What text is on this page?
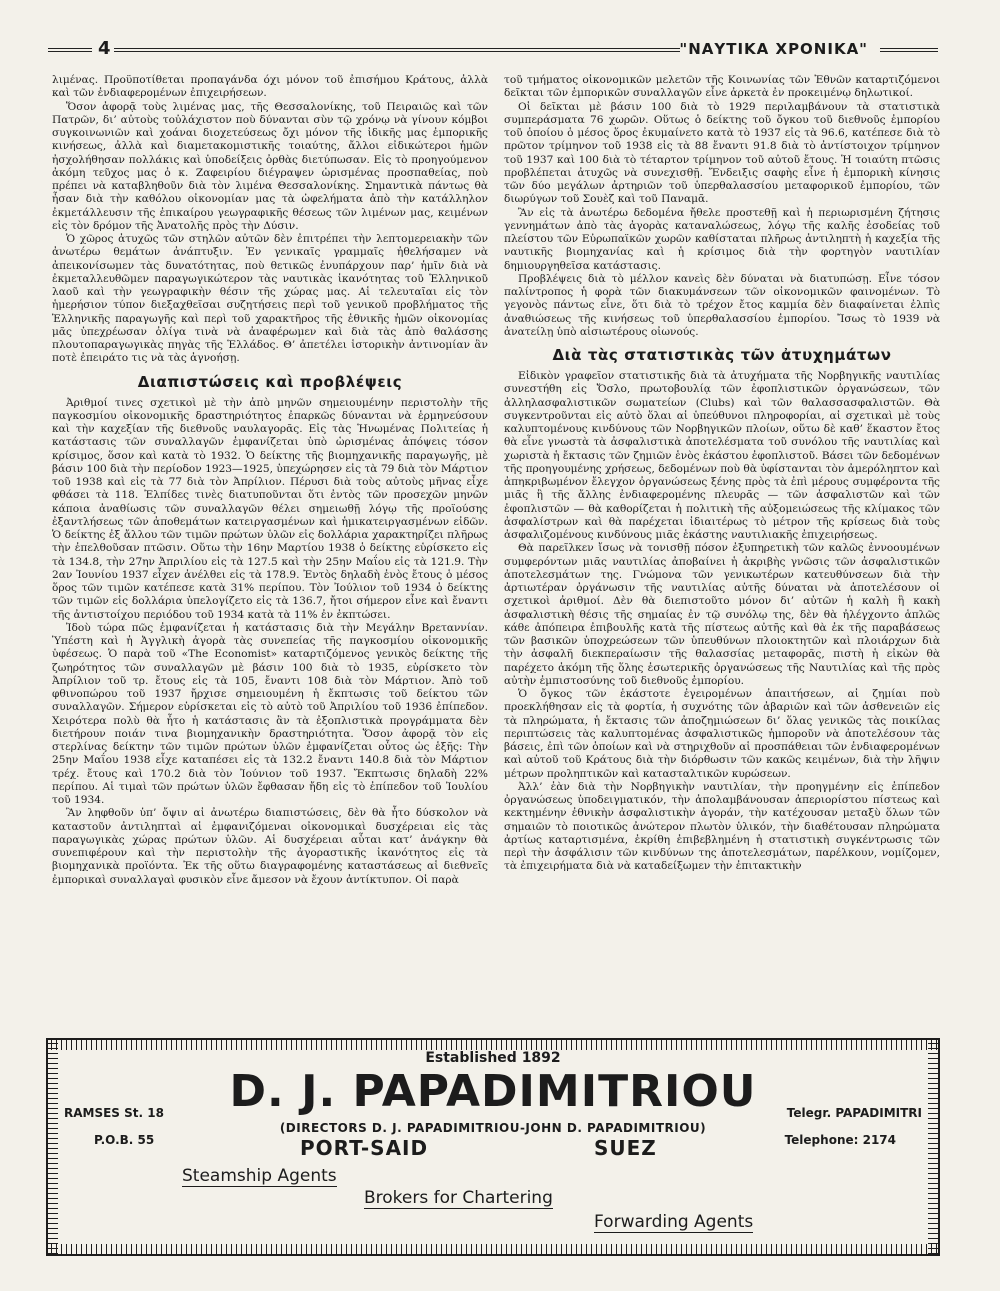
4	"ΝΑΥΤΙΚΑ ΧΡΟΝΙΚΑ"

λιμένας. Προϋποτίθεται προπαγάνδα όχι μόνον τοῦ ἐπισήμου Κράτους, ἀλλὰ καὶ τῶν ἐνδιαφερομένων ἐπιχειρήσεων.

Ὅσον ἀφορᾷ τοὺς λιμένας μας, τῆς Θεσσαλονίκης, τοῦ Πειραιῶς καὶ τῶν Πατρῶν, δι’ αὐτοὺς τοὐλάχιστον ποὺ δύνανται σὺν τῷ χρόνῳ νὰ γίνουν κόμβοι συγκοινωνιῶν καὶ χοάναι διοχετεύσεως ὄχι μόνον τῆς ἰδικῆς μας ἐμπορικῆς κινήσεως, ἀλλὰ καὶ διαμετακομιστικῆς τοιαύτης, ἄλλοι εἰδικώτεροι ἡμῶν ἠσχολήθησαν πολλάκις καὶ ὑποδείξεις ὀρθὰς διετύπωσαν. Εἰς τὸ προηγούμενον ἀκόμη τεῦχος μας ὁ κ. Ζαφειρίου διέγραψεν ὡρισμένας προσπαθείας, ποὺ πρέπει νὰ καταβληθοῦν διὰ τὸν λιμένα Θεσσαλονίκης. Σημαντικὰ πάντως θὰ ἦσαν διὰ τὴν καθόλου οἰκονομίαν μας τὰ ὠφελήματα ἀπὸ τὴν κατάλληλον ἐκμετάλλευσιν τῆς ἐπικαίρου γεωγραφικῆς θέσεως τῶν λιμένων μας, κειμένων εἰς τὸν δρόμον τῆς Ἀνατολῆς πρὸς τὴν Δύσιν.

Ὁ χῶρος ἀτυχῶς τῶν στηλῶν αὐτῶν δὲν ἐπιτρέπει τὴν λεπτομερειακὴν τῶν ἀνωτέρω θεμάτων ἀνάπτυξιν. Ἐν γενικαῖς γραμμαῖς ἠθελήσαμεν νὰ ἀπεικονίσωμεν τὰς δυνατότητας, ποὺ θετικῶς ἐνυπάρχουν παρ’ ἡμῖν διὰ νὰ ἐκμεταλλευθῶμεν παραγωγικώτερον τὰς ναυτικὰς ἱκανότητας τοῦ Ἑλληνικοῦ λαοῦ καὶ τὴν γεωγραφικὴν θέσιν τῆς χώρας μας. Αἱ τελευταῖαι εἰς τὸν ἡμερήσιον τύπον διεξαχθεῖσαι συζητήσεις περὶ τοῦ γενικοῦ προβλήματος τῆς Ἑλληνικῆς παραγωγῆς καὶ περὶ τοῦ χαρακτῆρος τῆς ἐθνικῆς ἡμῶν οἰκονομίας μᾶς ὑπεχρέωσαν ὀλίγα τινὰ νὰ ἀναφέρωμεν καὶ διὰ τὰς ἀπὸ θαλάσσης πλουτοπαραγωγικὰς πηγὰς τῆς Ἑλλάδος. Θ’ ἀπετέλει ἱστορικὴν ἀντινομίαν ἂν ποτὲ ἐπειράτο τις νὰ τὰς ἀγνοήσῃ.

Διαπιστώσεις καὶ προβλέψεις

Ἀριθμοί τινες σχετικοὶ μὲ τὴν ἀπὸ μηνῶν σημειουμένην περιστολὴν τῆς παγκοσμίου οἰκονομικῆς δραστηριότητος ἐπαρκῶς δύνανται νὰ ἑρμηνεύσουν καὶ τὴν καχεξίαν τῆς διεθνοῦς ναυλαγορᾶς. Εἰς τὰς Ἡνωμένας Πολιτείας ἡ κατάστασις τῶν συναλλαγῶν ἐμφανίζεται ὑπὸ ὡρισμένας ἀπόψεις τόσον κρίσιμος, ὅσον καὶ κατὰ τὸ 1932. Ὁ δείκτης τῆς βιομηχανικῆς παραγωγῆς, μὲ βάσιν 100 διὰ τὴν περίοδον 1923—1925, ὑπεχώρησεν εἰς τὰ 79 διὰ τὸν Μάρτιον τοῦ 1938 καὶ εἰς τὰ 77 διὰ τὸν Ἀπρίλιον. Πέρυσι διὰ τοὺς αὐτοὺς μῆνας εἶχε φθάσει τὰ 118. Ἐλπίδες τινὲς διατυποῦνται ὅτι ἐντὸς τῶν προσεχῶν μηνῶν κάποια ἀναθίωσις τῶν συναλλαγῶν θέλει σημειωθῇ λόγῳ τῆς προϊούσης ἐξαντλήσεως τῶν ἀποθεμάτων κατειργασμένων καὶ ἡμικατειργασμένων εἰδῶν. Ὁ δείκτης ἐξ ἄλλου τῶν τιμῶν πρώτων ὑλῶν εἰς δολλάρια χαρακτηρίζει πλῆρως τὴν ἐπελθοῦσαν πτῶσιν. Οὕτω τὴν 16ην Μαρτίου 1938 ὁ δείκτης εὑρίσκετο εἰς τὰ 134.8, τὴν 27ην Ἀπριλίου εἰς τὰ 127.5 καὶ τὴν 25ην Μαΐου εἰς τὰ 121.9. Τὴν 2αν Ἰουνίου 1937 εἶχεν ἀνέλθει εἰς τὰ 178.9. Ἐντὸς δηλαδὴ ἑνὸς ἔτους ὁ μέσος ὅρος τῶν τιμῶν κατέπεσε κατὰ 31% περίπου. Τὸν Ἰούλιον τοῦ 1934 ὁ δείκτης τῶν τιμῶν εἰς δολλάρια ὑπελογίζετο εἰς τὰ 136.7, ἤτοι σήμερον εἶνε καὶ ἔναντι τῆς ἀντιστοίχου περιόδου τοῦ 1934 κατὰ τὰ 11% ἐν ἐκπτώσει.

Ἰδοὺ τώρα πῶς ἐμφανίζεται ἡ κατάστασις διὰ τὴν Μεγάλην Βρεταννίαν. Ὑπέστη καὶ ἡ Ἀγγλικὴ ἀγορὰ τὰς συνεπείας τῆς παγκοσμίου οἰκονομικῆς ὑφέσεως. Ὁ παρὰ τοῦ «The Economist» καταρτιζόμενος γενικὸς δείκτης τῆς ζωηρότητος τῶν συναλλαγῶν μὲ βάσιν 100 διὰ τὸ 1935, εὑρίσκετο τὸν Ἀπρίλιον τοῦ τρ. ἔτους εἰς τὰ 105, ἔναντι 108 διὰ τὸν Μάρτιον. Ἀπὸ τοῦ φθινοπώρου τοῦ 1937 ἤρχισε σημειουμένη ἡ ἔκπτωσις τοῦ δείκτου τῶν συναλλαγῶν. Σήμερον εὑρίσκεται εἰς τὸ αὐτὸ τοῦ Ἀπριλίου τοῦ 1936 ἐπίπεδον. Χειρότερα πολὺ θὰ ἦτο ἡ κατάστασις ἂν τὰ ἐξοπλιστικὰ προγράμματα δὲν διετήρουν ποιάν τινα βιομηχανικὴν δραστηριότητα. Ὅσον ἀφορᾷ τὸν εἰς στερλίνας δείκτην τῶν τιμῶν πρώτων ὑλῶν ἐμφανίζεται οὗτος ὡς ἑξῆς: Τὴν 25ην Μαΐου 1938 εἶχε καταπέσει εἰς τὰ 132.2 ἔναντι 140.8 διὰ τὸν Μάρτιον τρέχ. ἔτους καὶ 170.2 διὰ τὸν Ἰούνιον τοῦ 1937. Ἔκπτωσις δηλαδὴ 22% περίπου. Αἱ τιμαὶ τῶν πρώτων ὑλῶν ἔφθασαν ἤδη εἰς τὸ ἐπίπεδον τοῦ Ἰουλίου τοῦ 1934.

Ἂν ληφθοῦν ὑπ’ ὄψιν αἱ ἀνωτέρω διαπιστώσεις, δὲν θὰ ἦτο δύσκολον νὰ καταστοῦν ἀντιληπταὶ αἱ ἐμφανιζόμεναι οἰκονομικαὶ δυσχέρειαι εἰς τὰς παραγωγικὰς χώρας πρώτων ὑλῶν. Αἱ δυσχέρειαι αὗται κατ’ ἀνάγκην θὰ συνεπιφέρουν καὶ τὴν περιστολὴν τῆς ἀγοραστικῆς ἱκανότητος εἰς τὰ βιομηχανικὰ προϊόντα. Ἐκ τῆς οὕτω διαγραφομένης καταστάσεως αἱ διεθνεῖς ἐμπορικαὶ συναλλαγαὶ φυσικὸν εἶνε ἄμεσον νὰ ἔχουν ἀντίκτυπον. Οἱ παρὰ

τοῦ τμήματος οἰκονομικῶν μελετῶν τῆς Κοινωνίας τῶν Ἐθνῶν καταρτιζόμενοι δεῖκται τῶν ἐμπορικῶν συναλλαγῶν εἶνε ἀρκετὰ ἐν προκειμένῳ δηλωτικοί.

Οἱ δεῖκται μὲ βάσιν 100 διὰ τὸ 1929 περιλαμβάνουν τὰ στατιστικὰ συμπεράσματα 76 χωρῶν. Οὕτως ὁ δείκτης τοῦ ὄγκου τοῦ διεθνοῦς ἐμπορίου τοῦ ὁποίου ὁ μέσος ὅρος ἐκυμαίνετο κατὰ τὸ 1937 εἰς τὰ 96.6, κατέπεσε διὰ τὸ πρῶτον τρίμηνον τοῦ 1938 εἰς τὰ 88 ἔναντι 91.8 διὰ τὸ ἀντίστοιχον τρίμηνον τοῦ 1937 καὶ 100 διὰ τὸ τέταρτον τρίμηνον τοῦ αὐτοῦ ἔτους. Ἡ τοιαύτη πτῶσις προβλέπεται ἀτυχῶς νὰ συνεχισθῇ. Ἔνδειξις σαφὴς εἶνε ἡ ἐμπορικὴ κίνησις τῶν δύο μεγάλων ἀρτηριῶν τοῦ ὑπερθαλασσίου μεταφορικοῦ ἐμπορίου, τῶν διωρύγων τοῦ Σουὲζ καὶ τοῦ Παναμᾶ.

Ἂν εἰς τὰ ἀνωτέρω δεδομένα ἤθελε προστεθῇ καὶ ἡ περιωρισμένη ζήτησις γεννημάτων ἀπὸ τὰς ἀγορὰς καταναλώσεως, λόγῳ τῆς καλῆς ἐσοδείας τοῦ πλείστου τῶν Εὐρωπαϊκῶν χωρῶν καθίσταται πλῆρως ἀντιληπτὴ ἡ καχεξία τῆς ναυτικῆς βιομηχανίας καὶ ἡ κρίσιμος διὰ τὴν φορτηγὸν ναυτιλίαν δημιουργηθεῖσα κατάστασις.

Προβλέψεις διὰ τὸ μέλλον κανεὶς δὲν δύναται νὰ διατυπώσῃ. Εἶνε τόσον παλίντροπος ἡ φορὰ τῶν διακυμάνσεων τῶν οἰκονομικῶν φαινομένων. Τὸ γεγονὸς πάντως εἶνε, ὅτι διὰ τὸ τρέχον ἔτος καμμία δὲν διαφαίνεται ἐλπὶς ἀναθιώσεως τῆς κινήσεως τοῦ ὑπερθαλασσίου ἐμπορίου. Ἴσως τὸ 1939 νὰ ἀνατείλῃ ὑπὸ αἰσιωτέρους οἰωνούς.

Διὰ τὰς στατιστικὰς τῶν ἀτυχημάτων

Εἰδικὸν γραφεῖον στατιστικῆς διὰ τὰ ἀτυχήματα τῆς Νορβηγικῆς ναυτιλίας συνεστήθη εἰς Ὄσλο, πρωτοβουλίᾳ τῶν ἐφοπλιστικῶν ὀργανώσεων, τῶν ἀλληλασφαλιστικῶν σωματείων (Clubs) καὶ τῶν θαλασσασφαλιστῶν. Θὰ συγκεντροῦνται εἰς αὐτὸ ὅλαι αἱ ὑπεύθυνοι πληροφορίαι, αἱ σχετικαὶ μὲ τοὺς καλυπτομένους κινδύνους τῶν Νορβηγικῶν πλοίων, οὕτω δὲ καθ’ ἕκαστον ἔτος θὰ εἶνε γνωστὰ τὰ ἀσφαλιστικὰ ἀποτελέσματα τοῦ συνόλου τῆς ναυτιλίας καὶ χωριστὰ ἡ ἔκτασις τῶν ζημιῶν ἑνὸς ἑκάστου ἐφοπλιστοῦ. Βάσει τῶν δεδομένων τῆς προηγουμένης χρήσεως, δεδομένων ποὺ θὰ ὑφίστανται τὸν ἀμερόληπτον καὶ ἀπηκριβωμένον ἔλεγχον ὀργανώσεως ξένης πρὸς τὰ ἐπὶ μέρους συμφέροντα τῆς μιᾶς ἢ τῆς ἄλλης ἐνδιαφερομένης πλευρᾶς — τῶν ἀσφαλιστῶν καὶ τῶν ἐφοπλιστῶν — θὰ καθορίζεται ἡ πολιτικὴ τῆς αὐξομειώσεως τῆς κλίμακος τῶν ἀσφαλίστρων καὶ θὰ παρέχεται ἰδιαιτέρως τὸ μέτρον τῆς κρίσεως διὰ τοὺς ἀσφαλιζομένους κινδύνους μιᾶς ἑκάστης ναυτιλιακῆς ἐπιχειρήσεως.

Θὰ παρεῖλκεν ἴσως νὰ τονισθῇ πόσον ἐξυπηρετικὴ τῶν καλῶς ἐννοουμένων συμφερόντων μιᾶς ναυτιλίας ἀποβαίνει ἡ ἀκριβὴς γνῶσις τῶν ἀσφαλιστικῶν ἀποτελεσμάτων της. Γνώμονα τῶν γενικωτέρων κατευθύνσεων διὰ τὴν ἀρτιωτέραν ὀργάνωσιν τῆς ναυτιλίας αὐτῆς δύναται νὰ ἀποτελέσουν οἱ σχετικοὶ ἀριθμοί. Δὲν θὰ διεπιστοῦτο μόνον δι’ αὐτῶν ἡ καλὴ ἢ κακὴ ἀσφαλιστικὴ θέσις τῆς σημαίας ἐν τῷ συνόλῳ της, δὲν θὰ ἠλέγχοντο ἁπλῶς κάθε ἀπόπειρα ἐπιβουλῆς κατὰ τῆς πίστεως αὐτῆς καὶ θὰ ἐκ τῆς παραβάσεως τῶν βασικῶν ὑποχρεώσεων τῶν ὑπευθύνων πλοιοκτητῶν καὶ πλοιάρχων διὰ τὴν ἀσφαλῆ διεκπεραίωσιν τῆς θαλασσίας μεταφορᾶς, πιστὴ ἡ εἰκὼν θὰ παρέχετο ἀκόμη τῆς ὅλης ἐσωτερικῆς ὀργανώσεως τῆς Ναυτιλίας καὶ τῆς πρὸς αὐτὴν ἐμπιστοσύνης τοῦ διεθνοῦς ἐμπορίου.

Ὁ ὄγκος τῶν ἑκάστοτε ἐγειρομένων ἀπαιτήσεων, αἱ ζημίαι ποὺ προεκλήθησαν εἰς τὰ φορτία, ἡ συχνότης τῶν ἀβαριῶν καὶ τῶν ἀσθενειῶν εἰς τὰ πληρώματα, ἡ ἔκτασις τῶν ἀποζημιώσεων δι’ ὅλας γενικῶς τὰς ποικίλας περιπτώσεις τὰς καλυπτομένας ἀσφαλιστικῶς ἡμποροῦν νὰ ἀποτελέσουν τὰς βάσεις, ἐπὶ τῶν ὁποίων καὶ νὰ στηριχθοῦν αἱ προσπάθειαι τῶν ἐνδιαφερομένων καὶ αὐτοῦ τοῦ Κράτους διὰ τὴν διόρθωσιν τῶν κακῶς κειμένων, διὰ τὴν λῆψιν μέτρων προληπτικῶν καὶ κατασταλτικῶν κυρώσεων.

Ἀλλ’ ἐὰν διὰ τὴν Νορβηγικὴν ναυτιλίαν, τὴν προηγμένην εἰς ἐπίπεδον ὀργανώσεως ὑποδειγματικόν, τὴν ἀπολαμβάνουσαν ἀπεριορίστου πίστεως καὶ κεκτημένην ἐθνικὴν ἀσφαλιστικὴν ἀγοράν, τὴν κατέχουσαν μεταξὺ ὅλων τῶν σημαιῶν τὸ ποιοτικῶς ἀνώτερον πλωτὸν ὑλικόν, τὴν διαθέτουσαν πληρώματα ἀρτίως καταρτισμένα, ἐκρίθη ἐπιβεβλημένη ἡ στατιστικὴ συγκέντρωσις τῶν περὶ τὴν ἀσφάλισιν τῶν κινδύνων της ἀποτελεσμάτων, παρέλκουν, νομίζομεν, τὰ ἐπιχειρήματα διὰ νὰ καταδείξωμεν τὴν ἐπιτακτικὴν

Established 1892
D. J. PAPADIMITRIOU
(DIRECTORS D. J. PAPADIMITRIOU-JOHN D. PAPADIMITRIOU)
RAMSES St. 18
P.O.B. 55
Telegr. PAPADIMITRI
Telephone: 2174
PORT-SAID	SUEZ
Steamship Agents
Brokers for Chartering
Forwarding Agents
